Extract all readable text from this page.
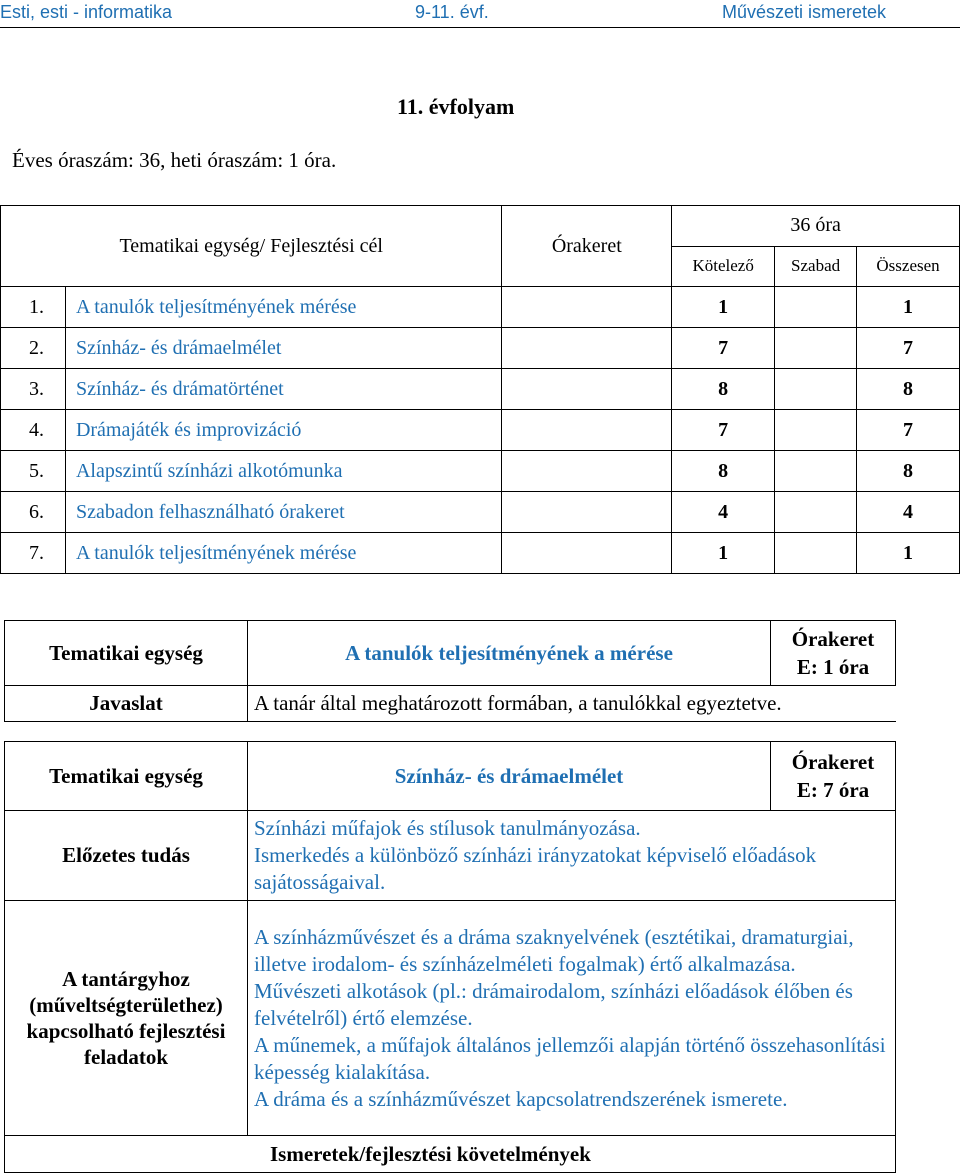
Esti, esti - informatika	9-11. évf.	Művészeti ismeretek
11. évfolyam
Éves óraszám: 36, heti óraszám: 1 óra.
Tematikai egység/ Fejlesztési cél		Órakeret	36 óra		
			Kötelező	Szabad	Összesen
1.	A tanulók teljesítményének mérése		1		1
2.	Színház- és drámaelmélet		7		7
3.	Színház- és drámatörténet		8		8
4.	Drámajáték és improvizáció		7		7
5.	Alapszintű színházi alkotómunka		8		8
6.	Szabadon felhasználható órakeret		4		4
7.	A tanulók teljesítményének mérése		1		1
Tematikai egység	A tanulók teljesítményének a mérése	Órakeret
E: 1 óra

Javaslat	A tanár által meghatározott formában, a tanulókkal egyeztetve.	
Tematikai egység	Színház- és drámaelmélet	Órakeret
E: 7 óra

Előzetes tudás	Színházi műfajok és stílusok tanulmányozása.
Ismerkedés a különböző színházi irányzatokat képviselő előadások sajátosságaival.	

A tantárgyhoz (műveltségterülethez) kapcsolható fejlesztési feladatok	A színházművészet és a dráma szaknyelvének (esztétikai, dramaturgiai, illetve irodalom- és színházelméleti fogalmak) értő alkalmazása.
Művészeti alkotások (pl.: drámairodalom, színházi előadások élőben és felvételről) értő elemzése.
A műnemek, a műfajok általános jellemzői alapján történő összehasonlítási képesség kialakítása.
A dráma és a színházművészet kapcsolatrendszerének ismerete.	

Ismeretek/fejlesztési követelmények		
